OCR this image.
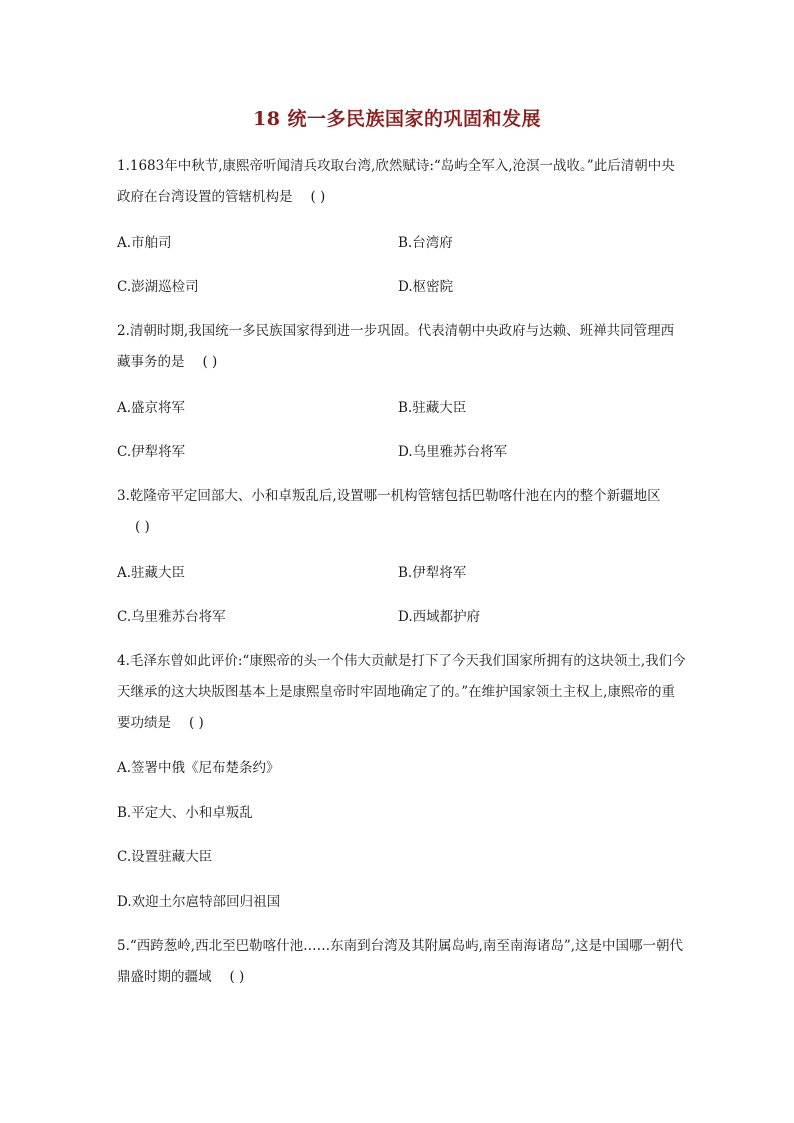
18 统一多民族国家的巩固和发展
1.1683年中秋节,康熙帝听闻清兵攻取台湾,欣然赋诗:“岛屿全军入,沧溟一战收。”此后清朝中央政府在台湾设置的管辖机构是 ( )
A.市舶司	B.台湾府
C.澎湖巡检司	D.枢密院
2.清朝时期,我国统一多民族国家得到进一步巩固。代表清朝中央政府与达赖、班禅共同管理西藏事务的是 ( )
A.盛京将军	B.驻藏大臣
C.伊犁将军	D.乌里雅苏台将军
3.乾隆帝平定回部大、小和卓叛乱后,设置哪一机构管辖包括巴勒喀什池在内的整个新疆地区( )
A.驻藏大臣	B.伊犁将军
C.乌里雅苏台将军	D.西域都护府
4.毛泽东曾如此评价:“康熙帝的头一个伟大贡献是打下了今天我们国家所拥有的这块领土,我们今天继承的这大块版图基本上是康熙皇帝时牢固地确定了的。”在维护国家领土主权上,康熙帝的重要功绩是 ( )
A.签署中俄《尼布楚条约》
B.平定大、小和卓叛乱
C.设置驻藏大臣
D.欢迎土尔扈特部回归祖国
5.“西跨葱岭,西北至巴勒喀什池……东南到台湾及其附属岛屿,南至南海诸岛”,这是中国哪一朝代鼎盛时期的疆域 ( )
